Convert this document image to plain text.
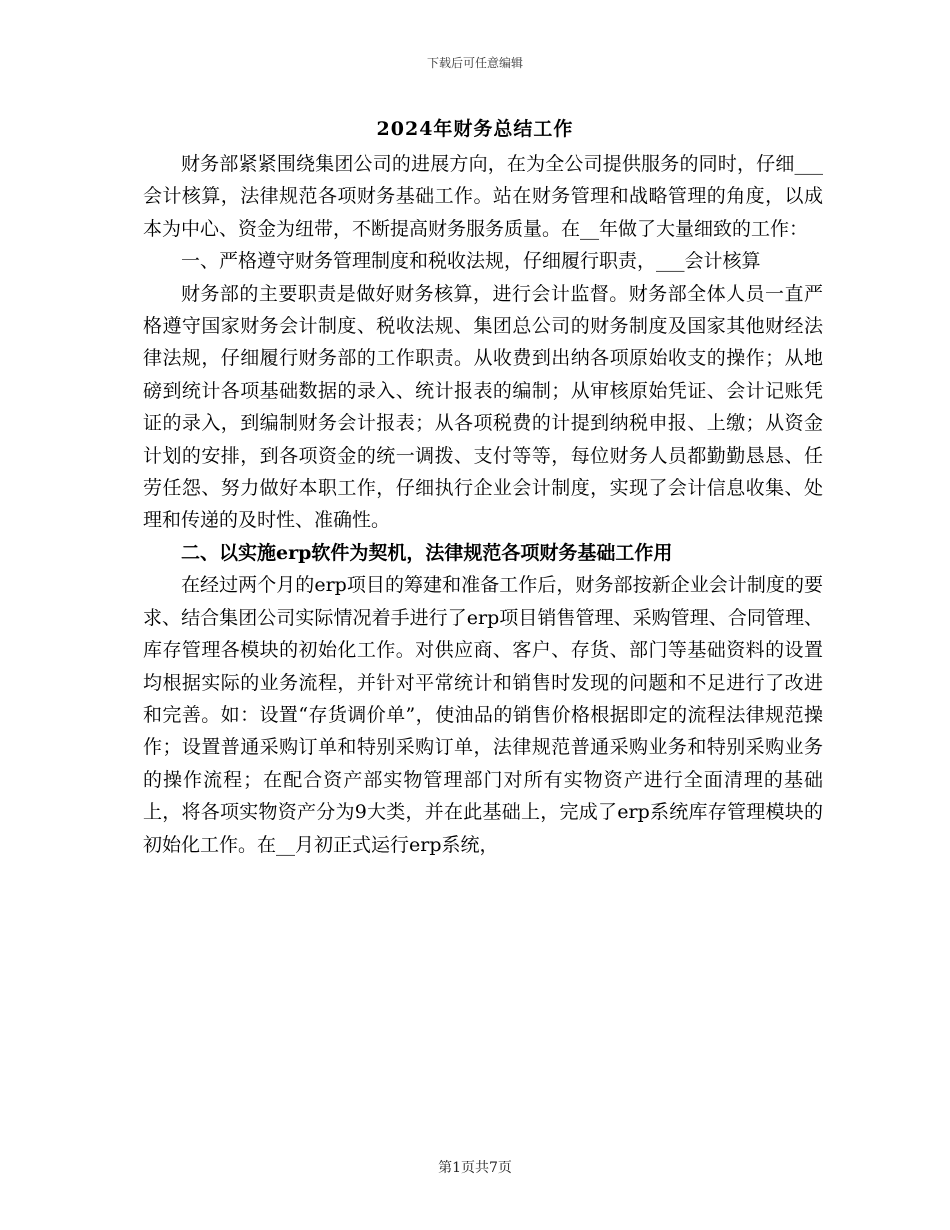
下载后可任意编辑
2024年财务总结工作

财务部紧紧围绕集团公司的进展方向，在为全公司提供服务的同时，仔细___会计核算，法律规范各项财务基础工作。站在财务管理和战略管理的角度，以成本为中心、资金为纽带，不断提高财务服务质量。在__年做了大量细致的工作：

一、严格遵守财务管理制度和税收法规，仔细履行职责，___会计核算

财务部的主要职责是做好财务核算，进行会计监督。财务部全体人员一直严格遵守国家财务会计制度、税收法规、集团总公司的财务制度及国家其他财经法律法规，仔细履行财务部的工作职责。从收费到出纳各项原始收支的操作；从地磅到统计各项基础数据的录入、统计报表的编制；从审核原始凭证、会计记账凭证的录入，到编制财务会计报表；从各项税费的计提到纳税申报、上缴；从资金计划的安排，到各项资金的统一调拨、支付等等，每位财务人员都勤勤恳恳、任劳任怨、努力做好本职工作，仔细执行企业会计制度，实现了会计信息收集、处理和传递的及时性、准确性。

二、以实施erp软件为契机，法律规范各项财务基础工作用

在经过两个月的erp项目的筹建和准备工作后，财务部按新企业会计制度的要求、结合集团公司实际情况着手进行了erp项目销售管理、采购管理、合同管理、库存管理各模块的初始化工作。对供应商、客户、存货、部门等基础资料的设置均根据实际的业务流程，并针对平常统计和销售时发现的问题和不足进行了改进和完善。如：设置“存货调价单”，使油品的销售价格根据即定的流程法律规范操作；设置普通采购订单和特别采购订单，法律规范普通采购业务和特别采购业务的操作流程；在配合资产部实物管理部门对所有实物资产进行全面清理的基础上，将各项实物资产分为9大类，并在此基础上，完成了erp系统库存管理模块的初始化工作。在__月初正式运行erp系统，

第1页共7页
